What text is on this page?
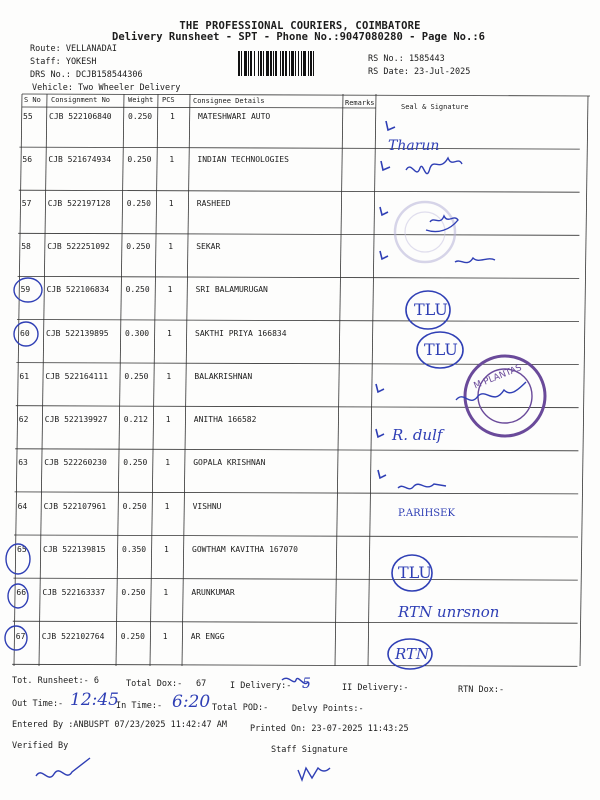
THE PROFESSIONAL COURIERS, COIMBATORE
Delivery Runsheet - SPT - Phone No.:9047080280 - Page No.:6
Route: VELLANADAI
Staff: YOKESH
DRS No.: DCJB158544306
Vehicle: Two Wheeler Delivery
RS No.: 1585443
RS Date: 23-Jul-2025
S No Consignment No	Weight PCS	Consignee Details	Remarks	Seal & Signature
55 CJB 522106840 0.250 1	MATESHWARI AUTO
56 CJB 521674934 0.250 1	INDIAN TECHNOLOGIES
57 CJB 522197128 0.250 1	RASHEED
58 CJB 522251092 0.250 1	SEKAR
59 CJB 522106834 0.250 1	SRI BALAMURUGAN
60 CJB 522139895 0.300 1	SAKTHI PRIYA 166834
61 CJB 522164111 0.250 1	BALAKRISHNAN
62 CJB 522139927 0.212 1	ANITHA 166582
63 CJB 522260230 0.250 1	GOPALA KRISHNAN
64 CJB 522107961 0.250 1	VISHNU
65 CJB 522139815 0.350 1	GOWTHAM KAVITHA 167070
66 CJB 522163337 0.250 1	ARUNKUMAR
67 CJB 522102764 0.250 1	AR ENGG
M PLANTAS
Tharun
TLU
TLU
R. dulf
P.ARIHSEK
TLU
RTN unrsnon
RTN
12:45	6:20
5
Tot. Runsheet:- 6	Total Dox:- 67	I Delivery:-	II Delivery:-	RTN Dox:-
Out Time:-	In Time:-	Total POD:-	Delvy Points:-
Entered By :ANBUSPT 07/23/2025 11:42:47 AM	Printed On: 23-07-2025 11:43:25
Verified By	Staff Signature
